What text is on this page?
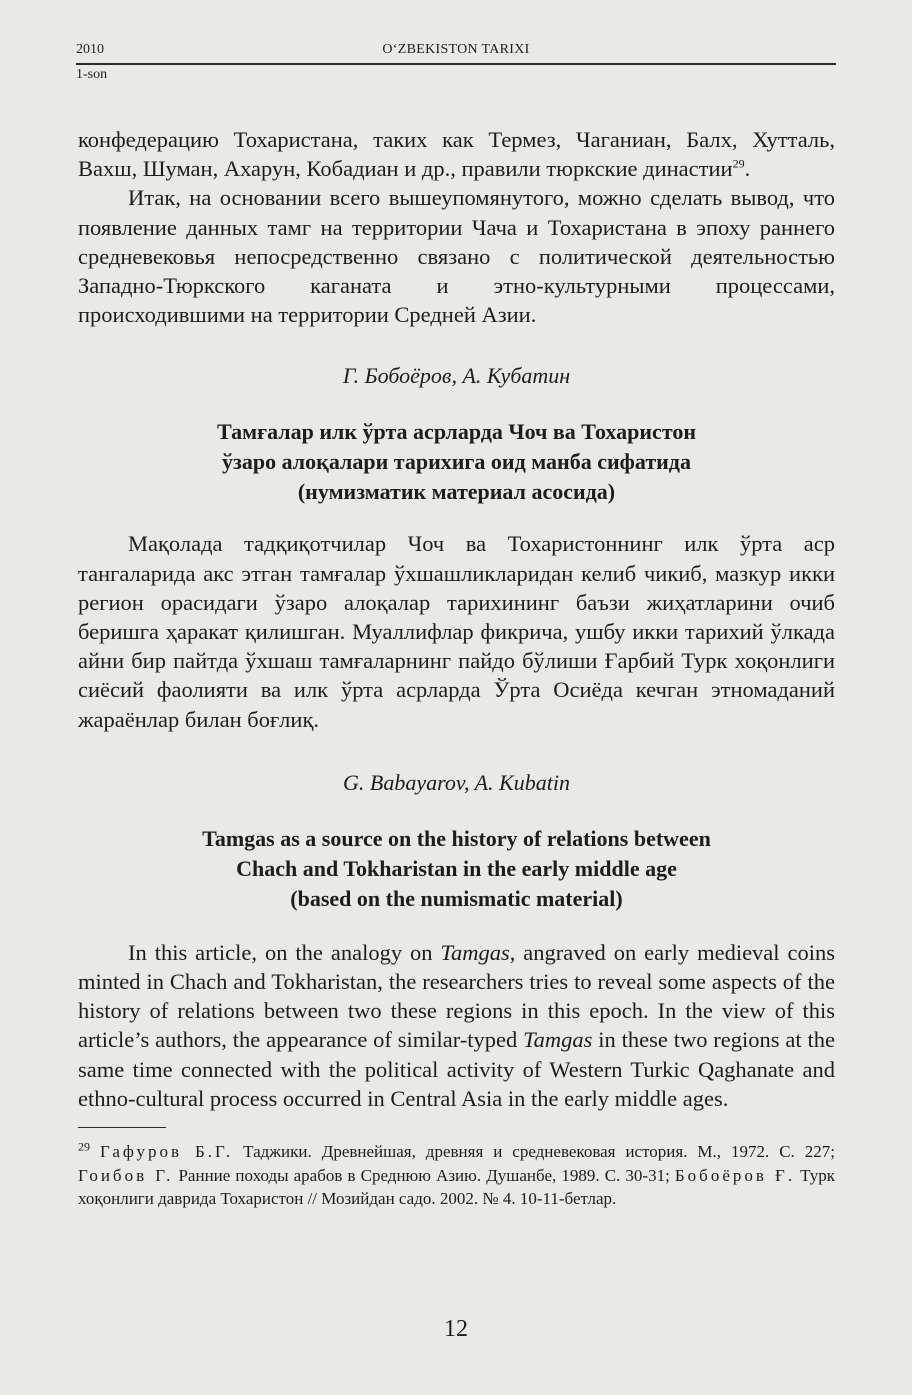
2010	O‘ZBEKISTON TARIXI
1-son

конфедерацию Тохаристана, таких как Термез, Чаганиан, Балх, Хутталь, Вахш, Шуман, Ахарун, Кобадиан и др., правили тюркские династии$^{29}$.

Итак, на основании всего вышеупомянутого, можно сделать вывод, что появление данных тамг на территории Чача и Тохаристана в эпоху раннего средневековья непосредственно связано с политической деятельностью Западно-Тюркского каганата и этно-культурными процессами, происходившими на территории Средней Азии.

Г. Бобоёров, А. Кубатин
Тамғалар илк ўрта асрларда Чоч ва Тохаристон
ўзаро алоқалари тарихига оид манба сифатида
(нумизматик материал асосида)

Мақолада тадқиқотчилар Чоч ва Тохаристоннинг илк ўрта аср тангаларида акс этган тамғалар ўхшашликларидан келиб чикиб, мазкур икки регион орасидаги ўзаро алоқалар тарихининг баъзи жиҳатларини очиб беришга ҳаракат қилишган. Муаллифлар фикрича, ушбу икки тарихий ўлкада айни бир пайтда ўхшаш тамғаларнинг пайдо бўлиши Ғарбий Турк хоқонлиги сиёсий фаолияти ва илк ўрта асрларда Ўрта Осиёда кечган этномаданий жараёнлар билан боғлиқ.

G. Babayarov, A. Kubatin
Tamgas as a source on the history of relations between
Chach and Tokharistan in the early middle age
(based on the numismatic material)

In this article, on the analogy on Tamgas, angraved on early medieval coins minted in Chach and Tokharistan, the researchers tries to reveal some aspects of the history of relations between two these regions in this epoch. In the view of this article’s authors, the appearance of similar-typed Tamgas in these two regions at the same time connected with the political activity of Western Turkic Qaghanate and ethno-cultural process occurred in Central Asia in the early middle ages.

$^{29}$ Гафуров Б.Г. Таджики. Древнейшая, древняя и средневековая история. М., 1972. С. 227; Гоибов Г. Ранние походы арабов в Среднюю Азию. Душанбе, 1989. С. 30-31; Бобоёров Ғ. Турк хоқонлиги даврида Тохаристон // Мозийдан садо. 2002. № 4. 10-11-бетлар.

12
